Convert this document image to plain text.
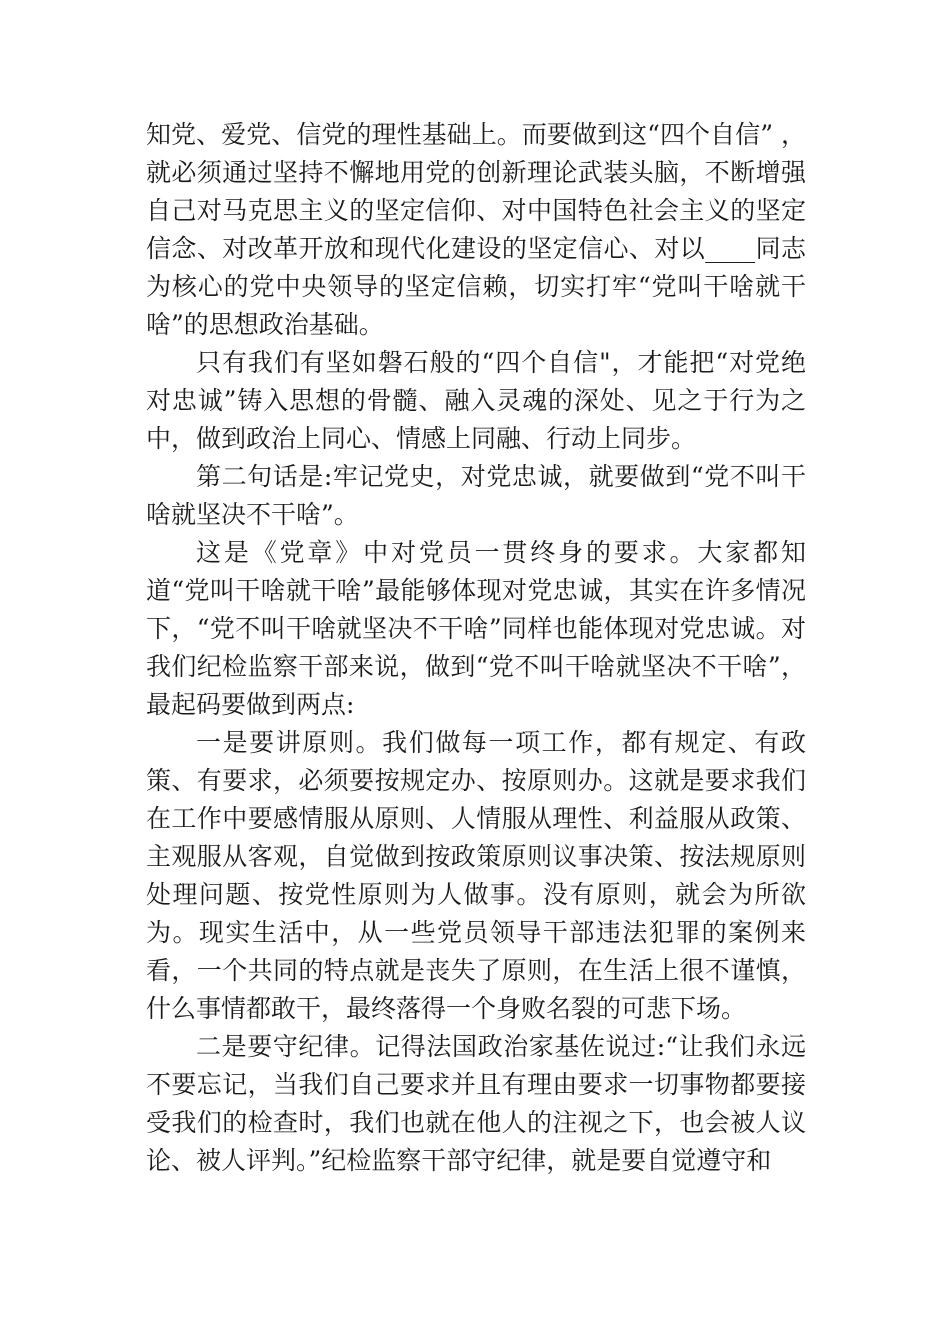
知党、爱党、信党的理性基础上。而要做到这“四个自信” ，就必须通过坚持不懈地用党的创新理论武装头脑，不断增强自己对马克思主义的坚定信仰、对中国特色社会主义的坚定信念、对改革开放和现代化建设的坚定信心、对以____同志为核心的党中央领导的坚定信赖，切实打牢“党叫干啥就干啥”的思想政治基础。

只有我们有坚如磐石般的“四个自信"，才能把“对党绝对忠诚”铸入思想的骨髓、融入灵魂的深处、见之于行为之中，做到政治上同心、情感上同融、行动上同步。

第二句话是:牢记党史，对党忠诚，就要做到“党不叫干啥就坚决不干啥”。

这是《党章》中对党员一贯终身的要求。大家都知道“党叫干啥就干啥”最能够体现对党忠诚，其实在许多情况下，“党不叫干啥就坚决不干啥”同样也能体现对党忠诚。对我们纪检监察干部来说，做到“党不叫干啥就坚决不干啥”，最起码要做到两点:

一是要讲原则。我们做每一项工作，都有规定、有政策、有要求，必须要按规定办、按原则办。这就是要求我们在工作中要感情服从原则、人情服从理性、利益服从政策、主观服从客观，自觉做到按政策原则议事决策、按法规原则处理问题、按党性原则为人做事。没有原则，就会为所欲为。现实生活中，从一些党员领导干部违法犯罪的案例来看，一个共同的特点就是丧失了原则，在生活上很不谨慎，什么事情都敢干，最终落得一个身败名裂的可悲下场。

二是要守纪律。记得法国政治家基佐说过:“让我们永远不要忘记，当我们自己要求并且有理由要求一切事物都要接受我们的检查时，我们也就在他人的注视之下，也会被人议论、被人评判。”纪检监察干部守纪律，就是要自觉遵守和
